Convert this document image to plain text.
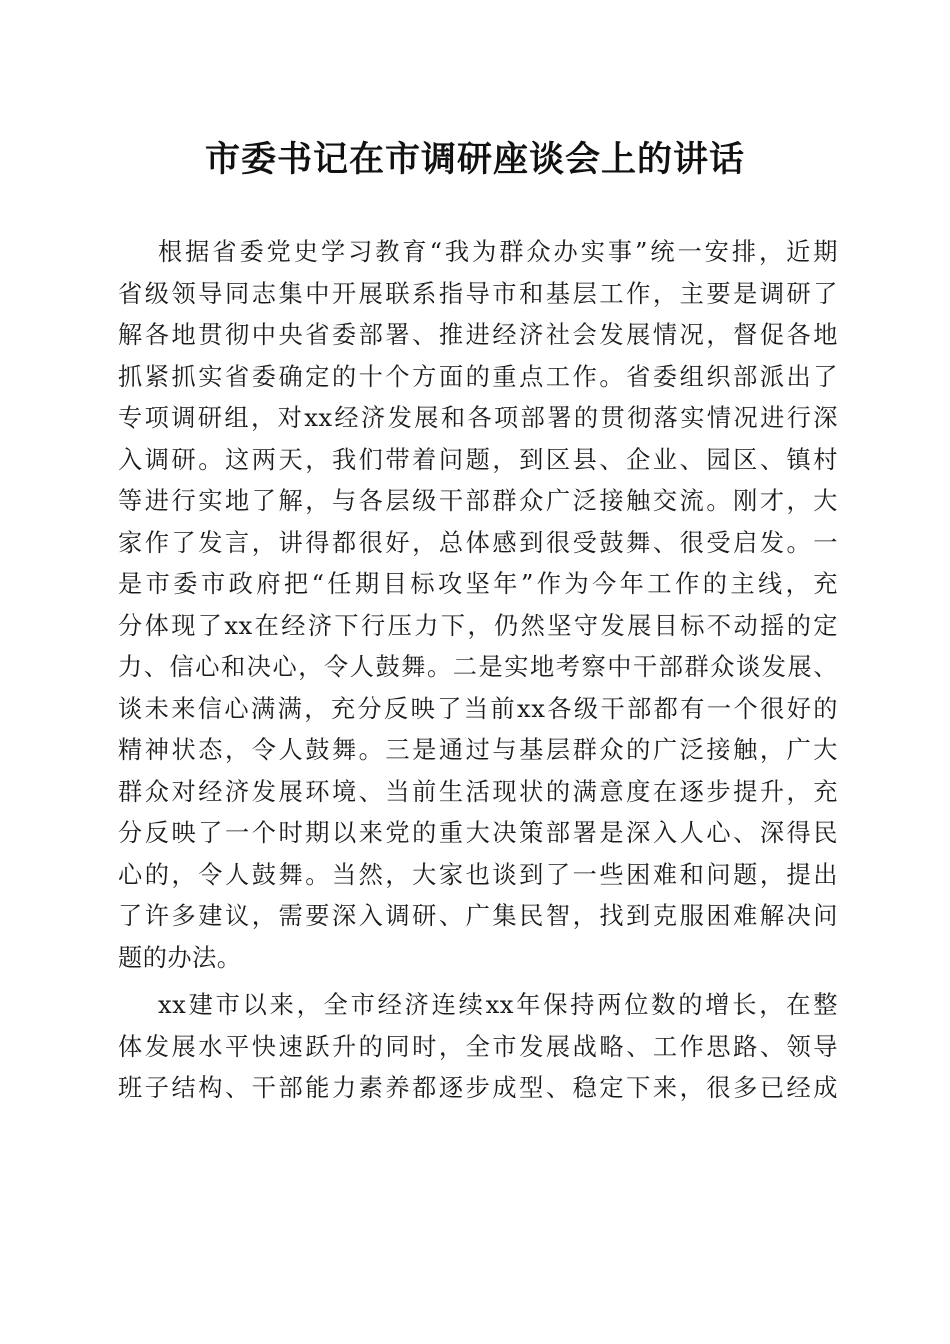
市委书记在市调研座谈会上的讲话
根据省委党史学习教育“我为群众办实事”统一安排，近期
省级领导同志集中开展联系指导市和基层工作，主要是调研了
解各地贯彻中央省委部署、推进经济社会发展情况，督促各地
抓紧抓实省委确定的十个方面的重点工作。省委组织部派出了
专项调研组，对xx经济发展和各项部署的贯彻落实情况进行深
入调研。这两天，我们带着问题，到区县、企业、园区、镇村
等进行实地了解，与各层级干部群众广泛接触交流。刚才，大
家作了发言，讲得都很好，总体感到很受鼓舞、很受启发。一
是市委市政府把“任期目标攻坚年”作为今年工作的主线，充
分体现了xx在经济下行压力下，仍然坚守发展目标不动摇的定
力、信心和决心，令人鼓舞。二是实地考察中干部群众谈发展、
谈未来信心满满，充分反映了当前xx各级干部都有一个很好的
精神状态，令人鼓舞。三是通过与基层群众的广泛接触，广大
群众对经济发展环境、当前生活现状的满意度在逐步提升，充
分反映了一个时期以来党的重大决策部署是深入人心、深得民
心的，令人鼓舞。当然，大家也谈到了一些困难和问题，提出
了许多建议，需要深入调研、广集民智，找到克服困难解决问
题的办法。
xx建市以来，全市经济连续xx年保持两位数的增长，在整
体发展水平快速跃升的同时，全市发展战略、工作思路、领导
班子结构、干部能力素养都逐步成型、稳定下来，很多已经成
